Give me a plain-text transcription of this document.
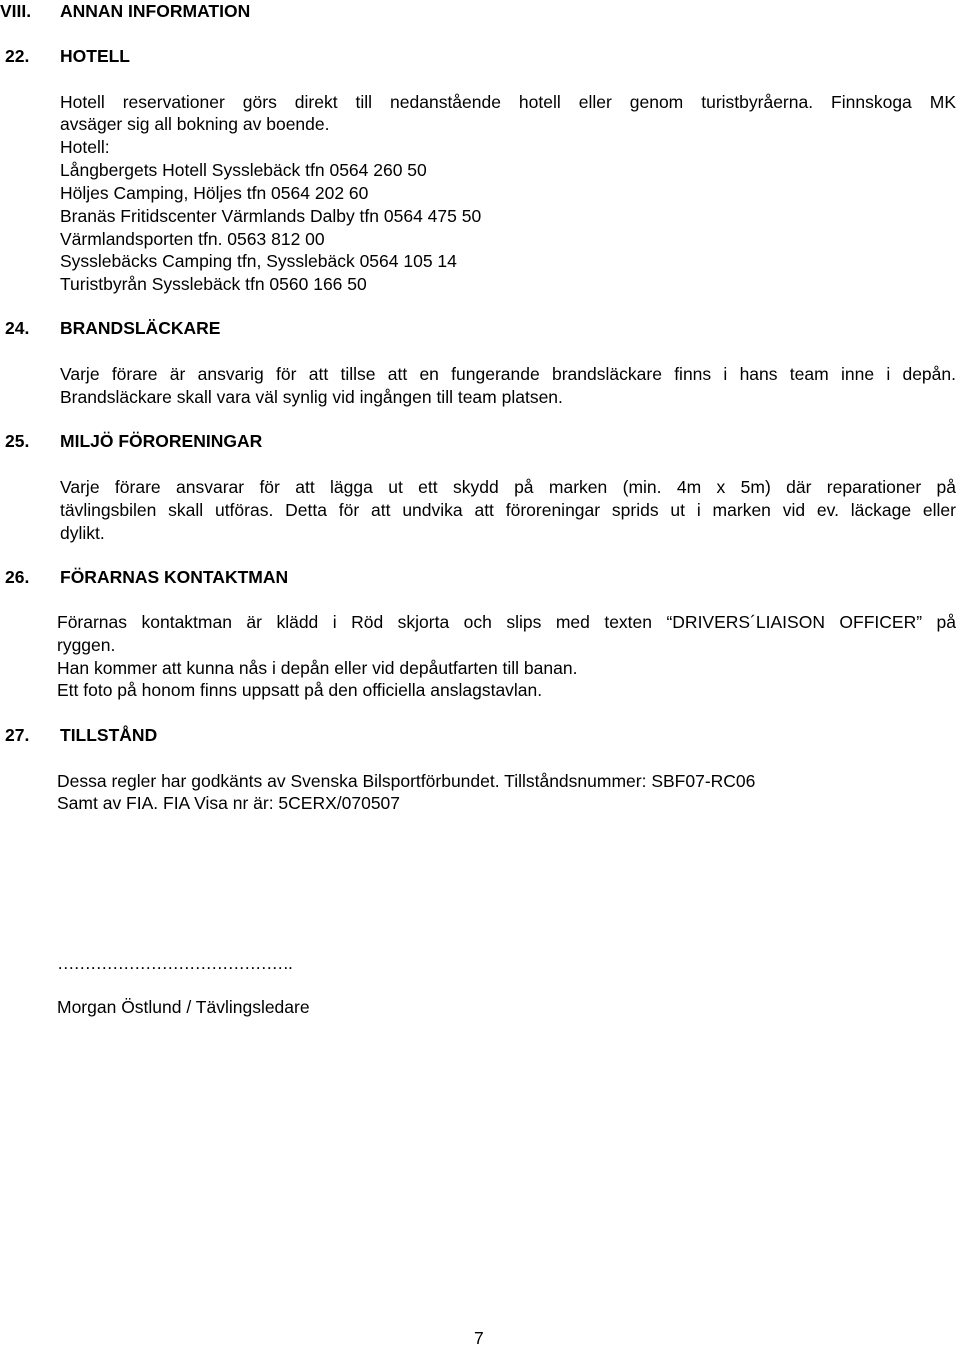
VIII. ANNAN INFORMATION
22. HOTELL
Hotell reservationer görs direkt till nedanstående hotell eller genom turistbyråerna. Finnskoga MK
avsäger sig all bokning av boende.
Hotell:
Långbergets Hotell Sysslebäck tfn 0564 260 50
Höljes Camping, Höljes tfn 0564 202 60
Branäs Fritidscenter Värmlands Dalby tfn 0564 475 50
Värmlandsporten tfn. 0563 812 00
Sysslebäcks Camping tfn, Sysslebäck 0564 105 14
Turistbyrån Sysslebäck tfn 0560 166 50
24. BRANDSLÄCKARE
Varje förare är ansvarig för att tillse att en fungerande brandsläckare finns i hans team inne i depån.
Brandsläckare skall vara väl synlig vid ingången till team platsen.
25. MILJÖ FÖRORENINGAR
Varje förare ansvarar för att lägga ut ett skydd på marken (min. 4m x 5m) där reparationer på
tävlingsbilen skall utföras. Detta för att undvika att föroreningar sprids ut i marken vid ev. läckage eller
dylikt.
26. FÖRARNAS KONTAKTMAN
Förarnas kontaktman är klädd i Röd skjorta och slips med texten “DRIVERS´LIAISON OFFICER” på
ryggen.
Han kommer att kunna nås i depån eller vid depåutfarten till banan.
Ett foto på honom finns uppsatt på den officiella anslagstavlan.
27. TILLSTÅND
Dessa regler har godkänts av Svenska Bilsportförbundet. Tillståndsnummer: SBF07-RC06
Samt av FIA. FIA Visa nr är: 5CERX/070507
…………………………………….
Morgan Östlund / Tävlingsledare
7
